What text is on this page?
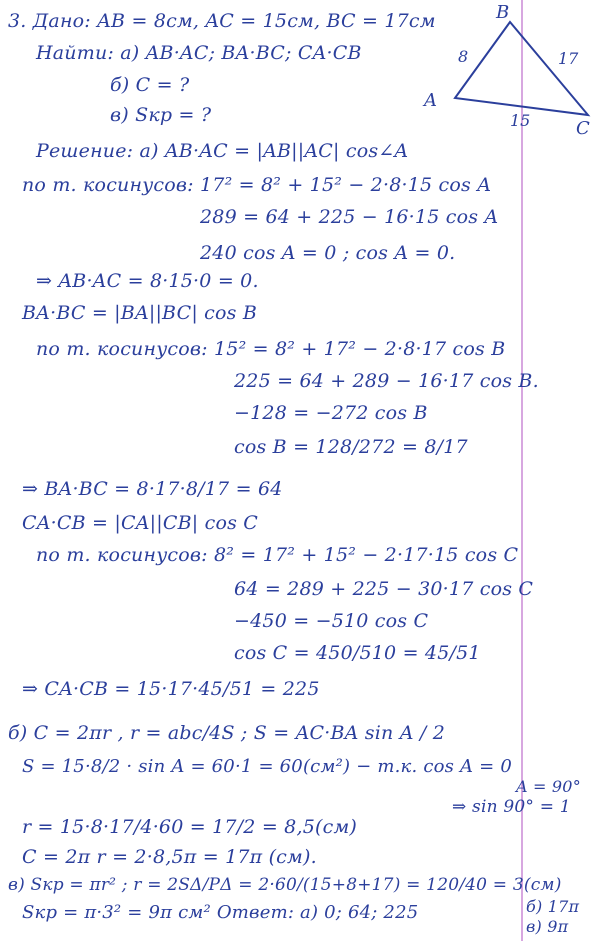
B
A
C
8	17
15
3. Дано: AB = 8см, AC = 15см, BC = 17см
Найти: а) AB·AC; BA·BC; CA·CB
б) C = ?
в) Sкр = ?
Решение: а) AB·AC = |AB||AC| cos∠A
по т. косинусов: 17² = 8² + 15² − 2·8·15 cos A
289 = 64 + 225 − 16·15 cos A
240 cos A = 0 ; cos A = 0.
⇒ AB·AC = 8·15·0 = 0.
BA·BC = |BA||BC| cos B
по т. косинусов: 15² = 8² + 17² − 2·8·17 cos B
225 = 64 + 289 − 16·17 cos B.
−128 = −272 cos B
cos B = 128/272 = 8/17
⇒ BA·BC = 8·17·8/17 = 64
CA·CB = |CA||CB| cos C
по т. косинусов: 8² = 17² + 15² − 2·17·15 cos C
64 = 289 + 225 − 30·17 cos C
−450 = −510 cos C
cos C = 450/510 = 45/51
⇒ CA·CB = 15·17·45/51 = 225
б) C = 2πr , r = abc/4S ; S = AC·BA sin A / 2
S = 15·8/2 · sin A = 60·1 = 60(см²) − т.к. cos A = 0
A = 90°
⇒ sin 90° = 1
r = 15·8·17/4·60 = 17/2 = 8,5(см)
C = 2π r = 2·8,5π = 17π (см).
в) Sкр = πr² ; r = 2SΔ/PΔ = 2·60/(15+8+17) = 120/40 = 3(см)
Sкр = π·3² = 9π см² Ответ: а) 0; 64; 225	б) 17π
в) 9π
